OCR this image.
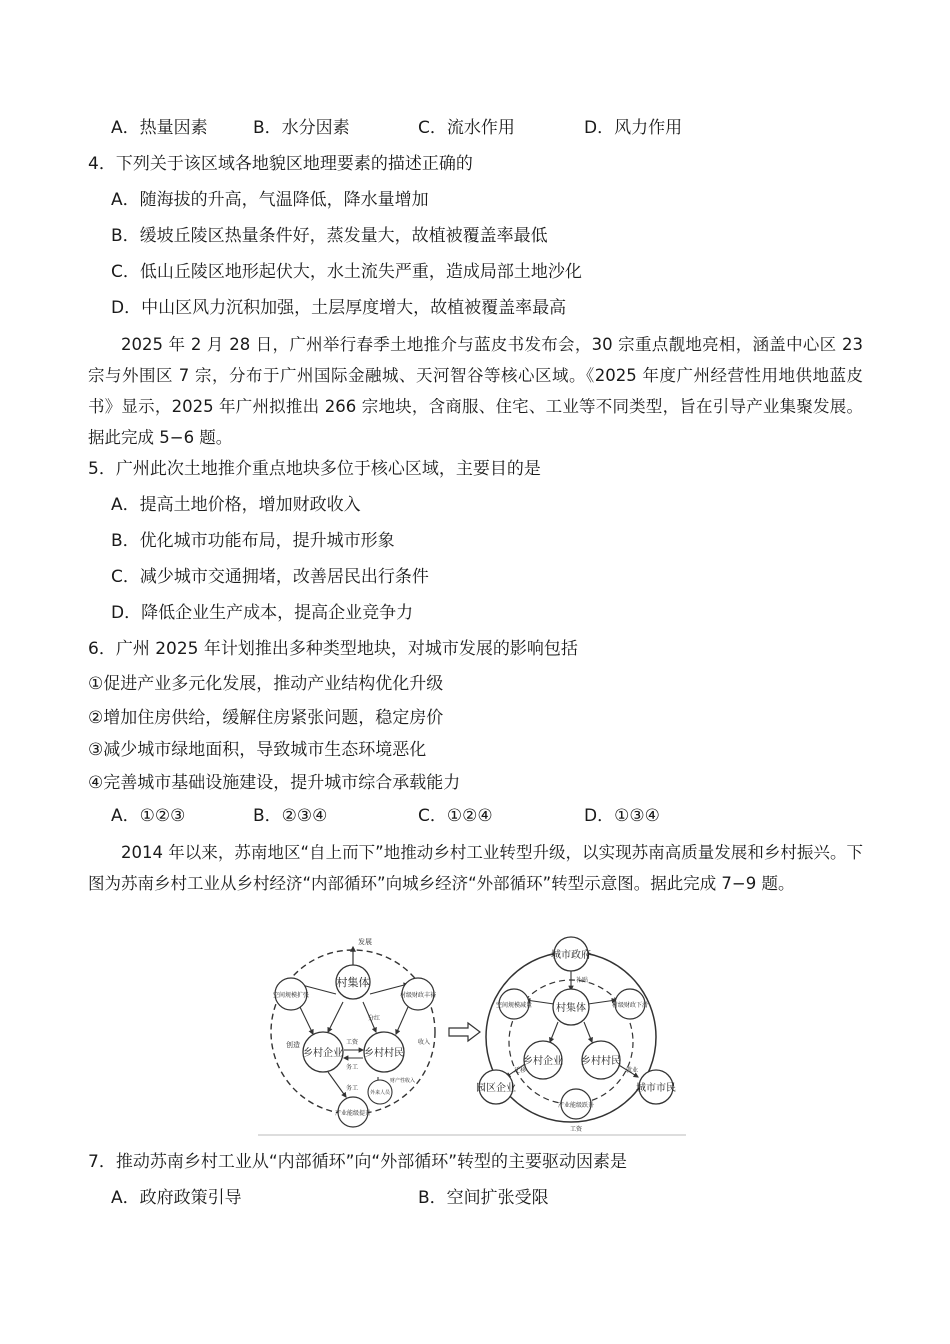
A．热量因素	B．水分因素	C．流水作用	D．风力作用
4．下列关于该区域各地貌区地理要素的描述正确的
A．随海拔的升高，气温降低，降水量增加
B．缓坡丘陵区热量条件好，蒸发量大，故植被覆盖率最低
C．低山丘陵区地形起伏大，水土流失严重，造成局部土地沙化
D．中山区风力沉积加强，土层厚度增大，故植被覆盖率最高
2025 年 2 月 28 日，广州举行春季土地推介与蓝皮书发布会，30 宗重点靓地亮相，涵盖中心区 23 宗与外围区 7 宗，分布于广州国际金融城、天河智谷等核心区域。《2025 年度广州经营性用地供地蓝皮书》显示，2025 年广州拟推出 266 宗地块，含商服、住宅、工业等不同类型，旨在引导产业集聚发展。据此完成 5−6 题。
5．广州此次土地推介重点地块多位于核心区域，主要目的是
A．提高土地价格，增加财政收入
B．优化城市功能布局，提升城市形象
C．减少城市交通拥堵，改善居民出行条件
D．降低企业生产成本，提高企业竞争力
6．广州 2025 年计划推出多种类型地块，对城市发展的影响包括
①促进产业多元化发展，推动产业结构优化升级
②增加住房供给，缓解住房紧张问题，稳定房价
③减少城市绿地面积，导致城市生态环境恶化
④完善城市基础设施建设，提升城市综合承载能力
A．①②③	B．②③④	C．①②④	D．①③④
2014 年以来，苏南地区“自上而下”地推动乡村工业转型升级，以实现苏南高质量发展和乡村振兴。下图为苏南乡村工业从乡村经济“内部循环”向城乡经济“外部循环”转型示意图。据此完成 7−9 题。
村集体
发展
空间规模扩张	村级财政丰裕
乡村企业 乡村村民
外来人员
产业能级提升
创造	工资
务工
务工
分红
收入
财产性收入
城市政府
补贴
村集体
空间规模减量	村级财政下滑
乡村企业 乡村村民
园区企业	城市市民
产业能级跃升
工资
迁移	就业
7．推动苏南乡村工业从“内部循环”向“外部循环”转型的主要驱动因素是
A．政府政策引导	B．空间扩张受限
